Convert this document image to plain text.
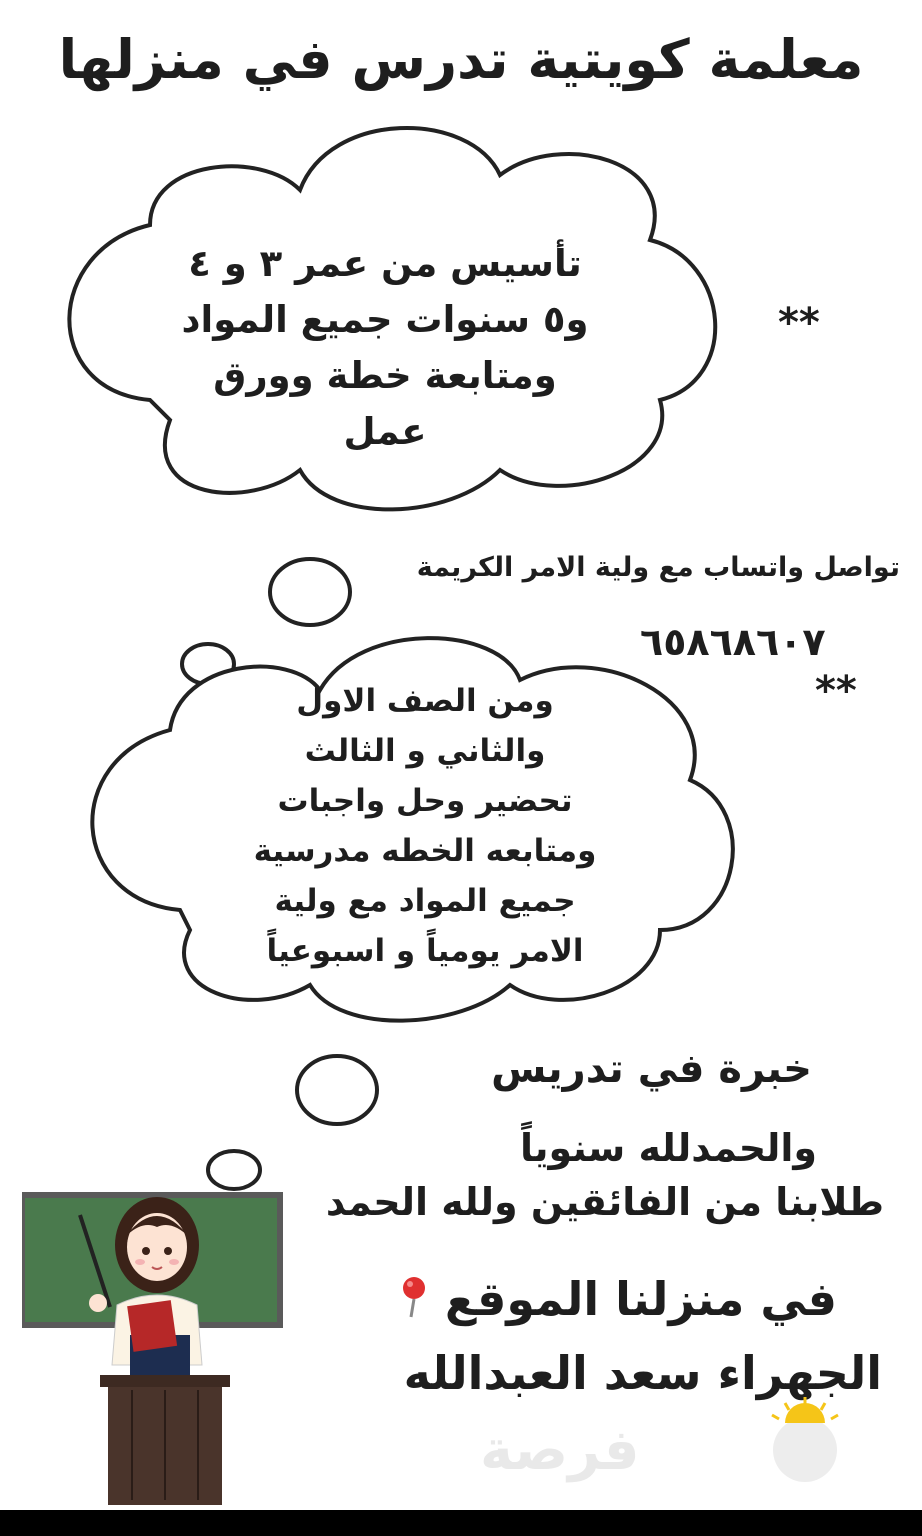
معلمة كويتية تدرس في منزلها
تأسيس من عمر ٣ و ٤
و٥ سنوات جميع المواد
ومتابعة خطة وورق
عمل
**
تواصل واتساب مع ولية الامر الكريمة
٦٥٨٦٨٦٠٧
**
ومن الصف الاول
والثاني و الثالث
تحضير وحل واجبات
ومتابعه الخطه مدرسية
جميع المواد مع ولية
الامر يومياً و اسبوعياً
خبرة في تدريس
والحمدلله سنوياً
طلابنا من الفائقين ولله الحمد
في منزلنا الموقع
الجهراء سعد العبدالله
فرصة
